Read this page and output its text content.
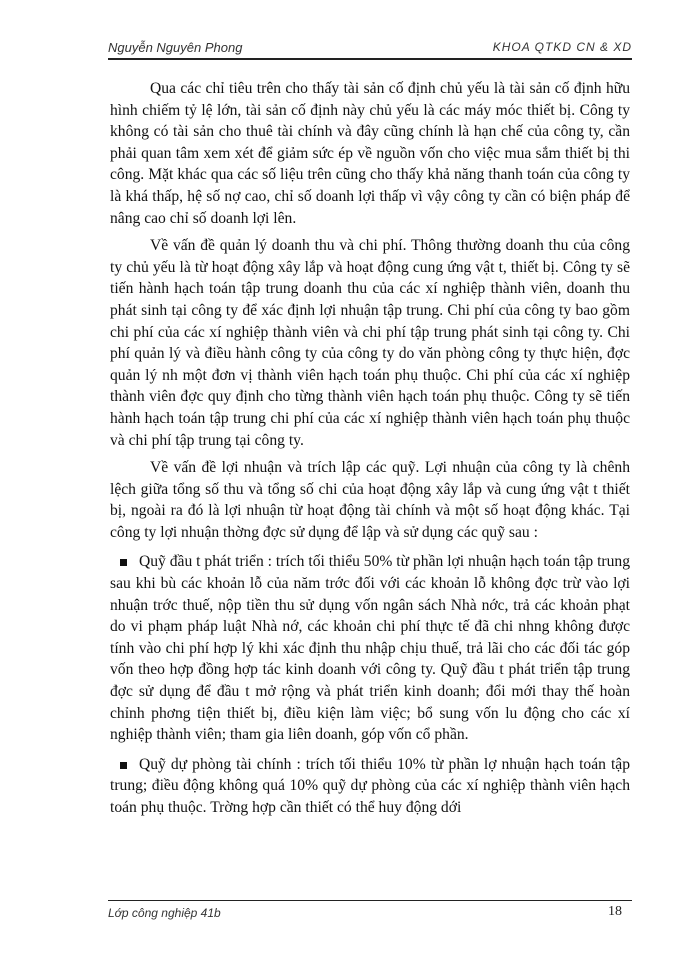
Nguyễn Nguyên Phong	KHOA QTKD CN & XD

Qua các chỉ tiêu trên cho thấy tài sản cố định chủ yếu là tài sản cố định hữu hình chiếm tỷ lệ lớn, tài sản cố định này chủ yếu là các máy móc thiết bị. Công ty không có tài sản cho thuê tài chính và đây cũng chính là hạn chế của công ty, cần phải quan tâm xem xét để giảm sức ép về nguồn vốn cho việc mua sắm thiết bị thi công. Mặt khác qua các số liệu trên cũng cho thấy khả năng thanh toán của công ty là khá thấp, hệ số nợ cao, chỉ số doanh lợi thấp vì vậy công ty cần có biện pháp để nâng cao chỉ số doanh lợi lên.

Về vấn đề quản lý doanh thu và chi phí. Thông thường doanh thu của công ty chủ yếu là từ hoạt động xây lắp và hoạt động cung ứng vật t, thiết bị. Công ty sẽ tiến hành hạch toán tập trung doanh thu của các xí nghiệp thành viên, doanh thu phát sinh tại công ty để xác định lợi nhuận tập trung. Chi phí của công ty bao gồm chi phí của các xí nghiệp thành viên và chi phí tập trung phát sinh tại công ty. Chi phí quản lý và điều hành công ty của công ty do văn phòng công ty thực hiện, đợc quản lý nh một đơn vị thành viên hạch toán phụ thuộc. Chi phí của các xí nghiệp thành viên đợc quy định cho từng thành viên hạch toán phụ thuộc. Công ty sẽ tiến hành hạch toán tập trung chi phí của các xí nghiệp thành viên hạch toán phụ thuộc và chi phí tập trung tại công ty.

Về vấn đề lợi nhuận và trích lập các quỹ. Lợi nhuận của công ty là chênh lệch giữa tổng số thu và tổng số chi của hoạt động xây lắp và cung ứng vật t thiết bị, ngoài ra đó là lợi nhuận từ hoạt động tài chính và một số hoạt động khác. Tại công ty lợi nhuận thờng đợc sử dụng để lập và sử dụng các quỹ sau :

Quỹ đầu t phát triển : trích tối thiểu 50% từ phần lợi nhuận hạch toán tập trung sau khi bù các khoản lỗ của năm trớc đối với các khoản lỗ không đợc trừ vào lợi nhuận trớc thuế, nộp tiền thu sử dụng vốn ngân sách Nhà nớc, trả các khoản phạt do vi phạm pháp luật Nhà nớ, các khoản chi phí thực tế đã chi nhng không được tính vào chi phí hợp lý khi xác định thu nhập chịu thuế, trả lãi cho các đối tác góp vốn theo hợp đồng hợp tác kinh doanh với công ty. Quỹ đầu t phát triển tập trung đợc sử dụng để đầu t mở rộng và phát triển kinh doanh; đổi mới thay thế hoàn chỉnh phơng tiện thiết bị, điều kiện làm việc; bổ sung vốn lu động cho các xí nghiệp thành viên; tham gia liên doanh, góp vốn cổ phần.

Quỹ dự phòng tài chính : trích tối thiểu 10% từ phần lợ nhuận hạch toán tập trung; điều động không quá 10% quỹ dự phòng của các xí nghiệp thành viên hạch toán phụ thuộc. Trờng hợp cần thiết có thể huy động dới

Lớp công nghiệp 41b	18
